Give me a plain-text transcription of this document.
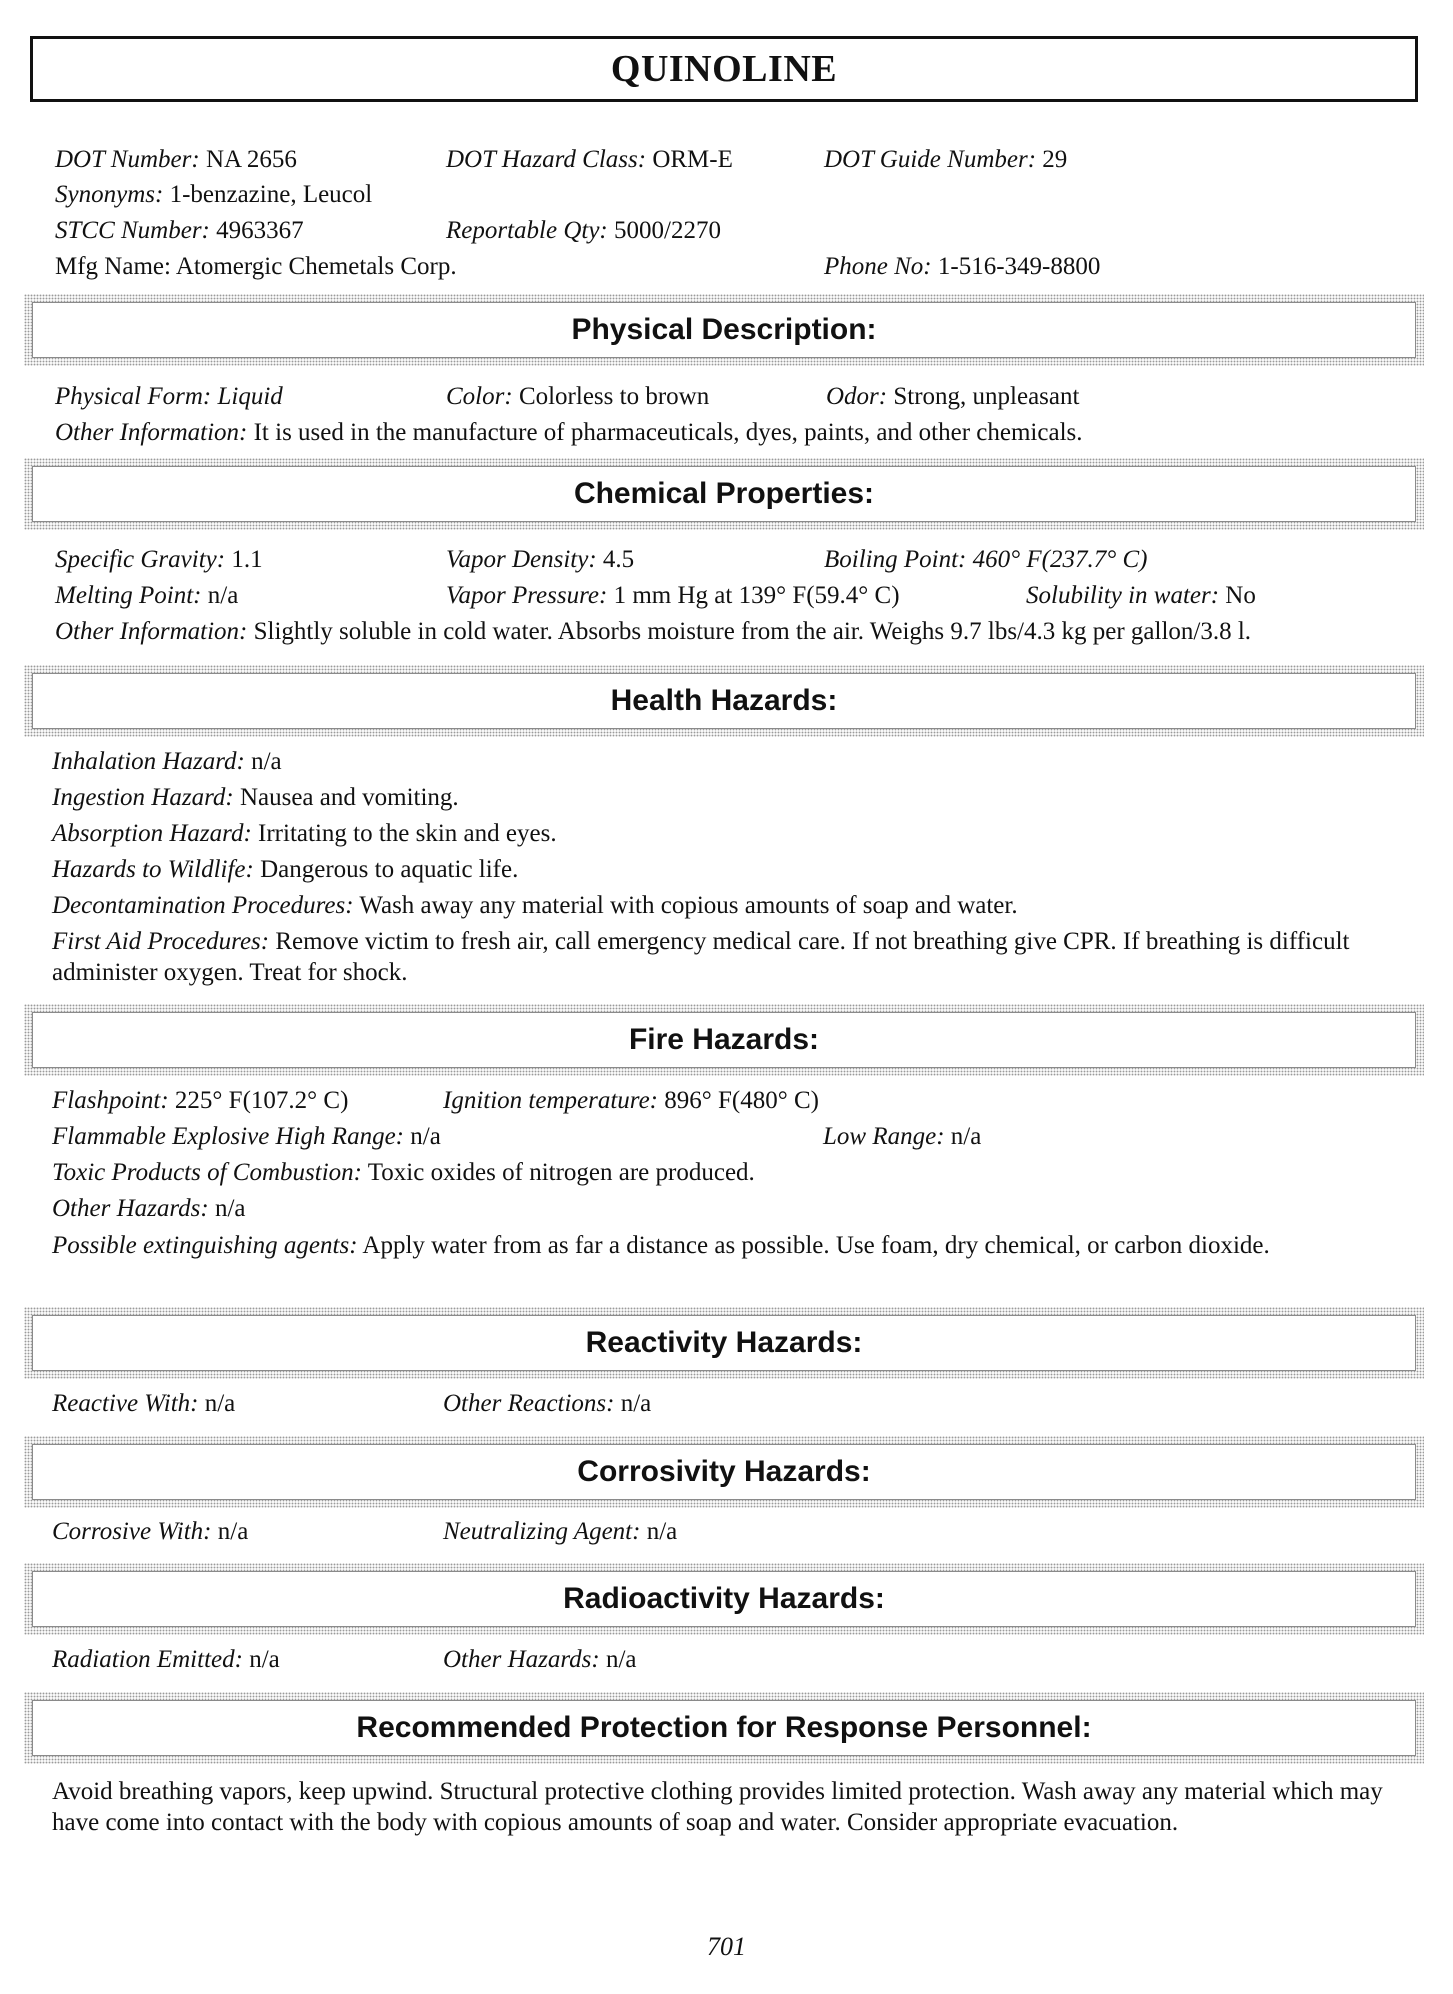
QUINOLINE
DOT Number: NA 2656	DOT Hazard Class: ORM-E	DOT Guide Number: 29
Synonyms: 1-benzazine, Leucol
STCC Number: 4963367	Reportable Qty: 5000/2270
Mfg Name: Atomergic Chemetals Corp.	Phone No: 1-516-349-8800
Physical Description:
Physical Form: Liquid	Color: Colorless to brown	Odor: Strong, unpleasant
Other Information: It is used in the manufacture of pharmaceuticals, dyes, paints, and other chemicals.
Chemical Properties:
Specific Gravity: 1.1	Vapor Density: 4.5	Boiling Point: 460° F(237.7° C)
Melting Point: n/a	Vapor Pressure: 1 mm Hg at 139° F(59.4° C)	Solubility in water: No
Other Information: Slightly soluble in cold water. Absorbs moisture from the air. Weighs 9.7 lbs/4.3 kg per gallon/3.8 l.
Health Hazards:
Inhalation Hazard: n/a
Ingestion Hazard: Nausea and vomiting.
Absorption Hazard: Irritating to the skin and eyes.
Hazards to Wildlife: Dangerous to aquatic life.
Decontamination Procedures: Wash away any material with copious amounts of soap and water.
First Aid Procedures: Remove victim to fresh air, call emergency medical care. If not breathing give CPR. If breathing is difficult administer oxygen. Treat for shock.
Fire Hazards:
Flashpoint: 225° F(107.2° C)	Ignition temperature: 896° F(480° C)
Flammable Explosive High Range: n/a	Low Range: n/a
Toxic Products of Combustion: Toxic oxides of nitrogen are produced.
Other Hazards: n/a
Possible extinguishing agents: Apply water from as far a distance as possible. Use foam, dry chemical, or carbon dioxide.
Reactivity Hazards:
Reactive With: n/a	Other Reactions: n/a
Corrosivity Hazards:
Corrosive With: n/a	Neutralizing Agent: n/a
Radioactivity Hazards:
Radiation Emitted: n/a	Other Hazards: n/a
Recommended Protection for Response Personnel:
Avoid breathing vapors, keep upwind. Structural protective clothing provides limited protection. Wash away any material which may have come into contact with the body with copious amounts of soap and water. Consider appropriate evacuation.
701
